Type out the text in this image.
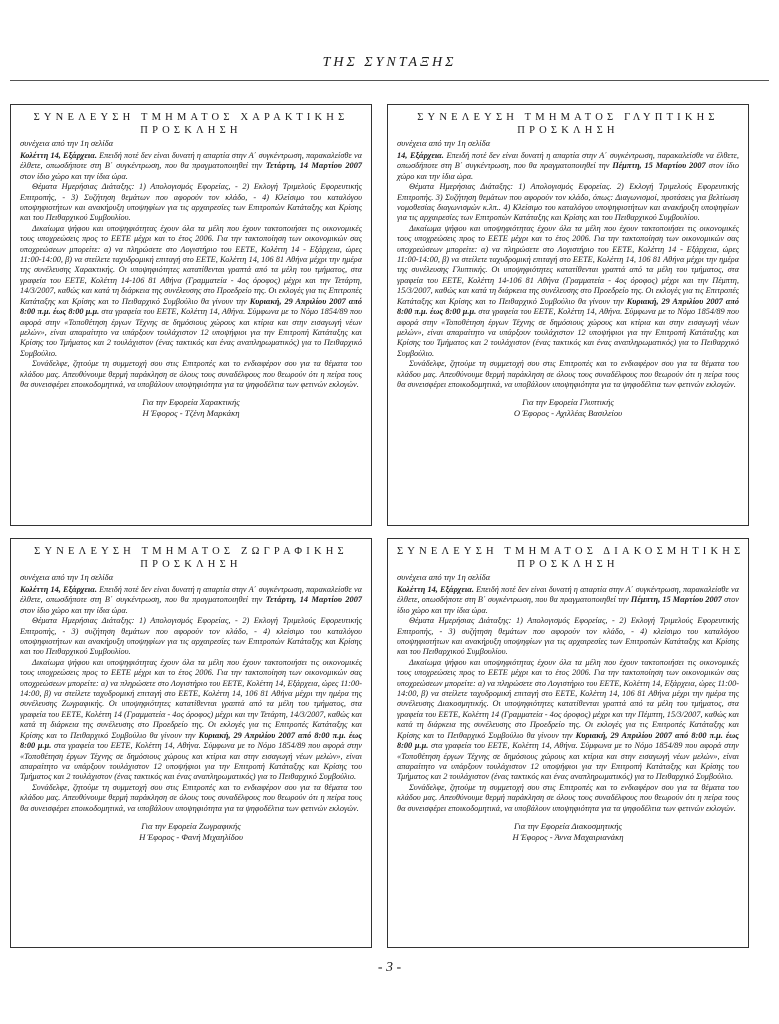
ΤΗΣ ΣΥΝΤΑΞΗΣ
ΣΥΝΕΛΕΥΣΗ ΤΜΗΜΑΤΟΣ ΧΑΡΑΚΤΙΚΗΣ
ΠΡΟΣΚΛΗΣΗ
συνέχεια από την 1η σελίδα

Κολέττη 14, Εξάρχεια. Επειδή ποτέ δεν είναι δυνατή η απαρτία στην Α΄ συγκέντρωση, παρακαλείσθε να έλθετε, οπωσδήποτε στη Β΄ συγκέντρωση, που θα πραγματοποιηθεί την Τετάρτη, 14 Μαρτίου 2007 στον ίδιο χώρο και την ίδια ώρα.

Θέματα Ημερήσιας Διάταξης: 1) Απολογισμός Εφορείας, - 2) Εκλογή Τριμελούς Εφορευτικής Επιτροπής, - 3) Συζήτηση θεμάτων που αφορούν τον κλάδο, - 4) Κλείσιμο του καταλόγου υποψηφιοτήτων και ανακήρυξη υποψηφίων για τις αρχαιρεσίες των Επιτροπών Κατάταξης και Κρίσης και του Πειθαρχικού Συμβουλίου.

Δικαίωμα ψήφου και υποψηφιότητας έχουν όλα τα μέλη που έχουν τακτοποιήσει τις οικονομικές τους υποχρεώσεις προς το ΕΕΤΕ μέχρι και το έτος 2006. Για την τακτοποίηση των οικονομικών σας υποχρεώσεων μπορείτε: α) να πληρώσετε στο Λογιστήριο του ΕΕΤΕ, Κολέττη 14 - Εξάρχεια, ώρες 11:00-14:00, β) να στείλετε ταχυδρομική επιταγή στο ΕΕΤΕ, Κολέττη 14, 106 81 Αθήνα μέχρι την ημέρα της συνέλευσης Χαρακτικής. Οι υποψηφιότητες κατατίθενται γραπτά από τα μέλη του τμήματος, στα γραφεία του ΕΕΤΕ, Κολέττη 14-106 81 Αθήνα (Γραμματεία - 4ος όροφος) μέχρι και την Τετάρτη, 14/3/2007, καθώς και κατά τη διάρκεια της συνέλευσης στο Προεδρείο της. Οι εκλογές για τις Επιτροπές Κατάταξης και Κρίσης και το Πειθαρχικό Συμβούλιο θα γίνουν την Κυριακή, 29 Απριλίου 2007 από 8:00 π.μ. έως 8:00 μ.μ. στα γραφεία του ΕΕΤΕ, Κολέττη 14, Αθήνα. Σύμφωνα με το Νόμο 1854/89 που αφορά στην «Τοποθέτηση έργων Τέχνης σε δημόσιους χώρους και κτίρια και στην εισαγωγή νέων μελών», είναι απαραίτητο να υπάρξουν τουλάχιστον 12 υποψήφιοι για την Επιτροπή Κατάταξης και Κρίσης του Τμήματος και 2 τουλάχιστον (ένας τακτικός και ένας αναπληρωματικός) για το Πειθαρχικό Συμβούλιο.

Συνάδελφε, ζητούμε τη συμμετοχή σου στις Επιτροπές και το ενδιαφέρον σου για τα θέματα του κλάδου μας. Απευθύνουμε θερμή παράκληση σε όλους τους συναδέλφους που θεωρούν ότι η πείρα τους θα συνεισφέρει εποικοδομητικά, να υποβάλουν υποψηφιότητα για τα ψηφοδέλτια των φετινών εκλογών.

Για την Εφορεία Χαρακτικής
Η Έφορος - Τζένη Μαρκάκη
ΣΥΝΕΛΕΥΣΗ ΤΜΗΜΑΤΟΣ ΓΛΥΠΤΙΚΗΣ
ΠΡΟΣΚΛΗΣΗ
συνέχεια από την 1η σελίδα

14, Εξάρχεια. Επειδή ποτέ δεν είναι δυνατή η απαρτία στην Α΄ συγκέντρωση, παρακαλείσθε να έλθετε, οπωσδήποτε στη Β΄ συγκέντρωση, που θα πραγματοποιηθεί την Πέμπτη, 15 Μαρτίου 2007 στον ίδιο χώρο και την ίδια ώρα.

Θέματα Ημερήσιας Διάταξης: 1) Απολογισμός Εφορείας. 2) Εκλογή Τριμελούς Εφορευτικής Επιτροπής. 3) Συζήτηση θεμάτων που αφορούν τον κλάδο, όπως: Διαγωνισμοί, προτάσεις για βελτίωση νομοθεσίας διαγωνισμών κ.λπ.. 4) Κλείσιμο του καταλόγου υποψηφιοτήτων και ανακήρυξη υποψηφίων για τις αρχαιρεσίες των Επιτροπών Κατάταξης και Κρίσης και του Πειθαρχικού Συμβουλίου.

Δικαίωμα ψήφου και υποψηφιότητας έχουν όλα τα μέλη που έχουν τακτοποιήσει τις οικονομικές τους υποχρεώσεις προς το ΕΕΤΕ μέχρι και το έτος 2006. Για την τακτοποίηση των οικονομικών σας υποχρεώσεων μπορείτε: α) να πληρώσετε στο Λογιστήριο του ΕΕΤΕ, Κολέττη 14 - Εξάρχεια, ώρες 11:00-14:00, β) να στείλετε ταχυδρομική επιταγή στο ΕΕΤΕ, Κολέττη 14, 106 81 Αθήνα μέχρι την ημέρα της συνέλευσης Γλυπτικής. Οι υποψηφιότητες κατατίθενται γραπτά από τα μέλη του τμήματος, στα γραφεία του ΕΕΤΕ, Κολέττη 14-106 81 Αθήνα (Γραμματεία - 4ος όροφος) μέχρι και την Πέμπτη, 15/3/2007, καθώς και κατά τη διάρκεια της συνέλευσης στο Προεδρείο της. Οι εκλογές για τις Επιτροπές Κατάταξης και Κρίσης και το Πειθαρχικό Συμβούλιο θα γίνουν την Κυριακή, 29 Απριλίου 2007 από 8:00 π.μ. έως 8:00 μ.μ. στα γραφεία του ΕΕΤΕ, Κολέττη 14, Αθήνα. Σύμφωνα με το Νόμο 1854/89 που αφορά στην «Τοποθέτηση έργων Τέχνης σε δημόσιους χώρους και κτίρια και στην εισαγωγή νέων μελών», είναι απαραίτητο να υπάρξουν τουλάχιστον 12 υποψήφιοι για την Επιτροπή Κατάταξης και Κρίσης του Τμήματος και 2 τουλάχιστον (ένας τακτικός και ένας αναπληρωματικός) για το Πειθαρχικό Συμβούλιο.

Συνάδελφε, ζητούμε τη συμμετοχή σου στις Επιτροπές και το ενδιαφέρον σου για τα θέματα του κλάδου μας. Απευθύνουμε θερμή παράκληση σε όλους τους συναδέλφους που θεωρούν ότι η πείρα τους θα συνεισφέρει εποικοδομητικά, να υποβάλουν υποψηφιότητα για τα ψηφοδέλτια των φετινών εκλογών.

Για την Εφορεία Γλυπτικής
Ο Έφορος - Αχιλλέας Βασιλείου
ΣΥΝΕΛΕΥΣΗ ΤΜΗΜΑΤΟΣ ΖΩΓΡΑΦΙΚΗΣ
ΠΡΟΣΚΛΗΣΗ
συνέχεια από την 1η σελίδα

Κολέττη 14, Εξάρχεια. Επειδή ποτέ δεν είναι δυνατή η απαρτία στην Α΄ συγκέντρωση, παρακαλείσθε να έλθετε, οπωσδήποτε στη Β΄ συγκέντρωση, που θα πραγματοποιηθεί την Τετάρτη, 14 Μαρτίου 2007 στον ίδιο χώρο και την ίδια ώρα.

Θέματα Ημερήσιας Διάταξης: 1) Απολογισμός Εφορείας, - 2) Εκλογή Τριμελούς Εφορευτικής Επιτροπής, - 3) συζήτηση θεμάτων που αφορούν τον κλάδο, - 4) κλείσιμο του καταλόγου υποψηφιοτήτων και ανακήρυξη υποψηφίων για τις αρχαιρεσίες των Επιτροπών Κατάταξης και Κρίσης και του Πειθαρχικού Συμβουλίου.

Δικαίωμα ψήφου και υποψηφιότητας έχουν όλα τα μέλη που έχουν τακτοποιήσει τις οικονομικές τους υποχρεώσεις προς το ΕΕΤΕ μέχρι και το έτος 2006. Για την τακτοποίηση των οικονομικών σας υποχρεώσεων μπορείτε: α) να πληρώσετε στο Λογιστήριο του ΕΕΤΕ, Κολέττη 14, Εξάρχεια, ώρες 11:00-14:00, β) να στείλετε ταχυδρομική επιταγή στο ΕΕΤΕ, Κολέττη 14, 106 81 Αθήνα μέχρι την ημέρα της συνέλευσης Ζωγραφικής. Οι υποψηφιότητες κατατίθενται γραπτά από τα μέλη του τμήματος, στα γραφεία του ΕΕΤΕ, Κολέττη 14 (Γραμματεία - 4ος όροφος) μέχρι και την Τετάρτη, 14/3/2007, καθώς και κατά τη διάρκεια της συνέλευσης στο Προεδρείο της. Οι εκλογές για τις Επιτροπές Κατάταξης και Κρίσης και το Πειθαρχικό Συμβούλιο θα γίνουν την Κυριακή, 29 Απριλίου 2007 από 8:00 π.μ. έως 8:00 μ.μ. στα γραφεία του ΕΕΤΕ, Κολέττη 14, Αθήνα. Σύμφωνα με το Νόμο 1854/89 που αφορά στην «Τοποθέτηση έργων Τέχνης σε δημόσιους χώρους και κτίρια και στην εισαγωγή νέων μελών», είναι απαραίτητο να υπάρξουν τουλάχιστον 12 υποψήφιοι για την Επιτροπή Κατάταξης και Κρίσης του Τμήματος και 2 τουλάχιστον (ένας τακτικός και ένας αναπληρωματικός) για το Πειθαρχικό Συμβούλιο.

Συνάδελφε, ζητούμε τη συμμετοχή σου στις Επιτροπές και το ενδιαφέρον σου για τα θέματα του κλάδου μας. Απευθύνουμε θερμή παράκληση σε όλους τους συναδέλφους που θεωρούν ότι η πείρα τους θα συνεισφέρει εποικοδομητικά, να υποβάλουν υποψηφιότητα για τα ψηφοδέλτια των φετινών εκλογών.

Για την Εφορεία Ζωγραφικής
Η Έφορος - Φανή Μιχαηλίδου
ΣΥΝΕΛΕΥΣΗ ΤΜΗΜΑΤΟΣ ΔΙΑΚΟΣΜΗΤΙΚΗΣ
ΠΡΟΣΚΛΗΣΗ
συνέχεια από την 1η σελίδα

Κολέττη 14, Εξάρχεια. Επειδή ποτέ δεν είναι δυνατή η απαρτία στην Α΄ συγκέντρωση, παρακαλείσθε να έλθετε, οπωσδήποτε στη Β΄ συγκέντρωση, που θα πραγματοποιηθεί την Πέμπτη, 15 Μαρτίου 2007 στον ίδιο χώρο και την ίδια ώρα.

Θέματα Ημερήσιας Διάταξης: 1) Απολογισμός Εφορείας, - 2) Εκλογή Τριμελούς Εφορευτικής Επιτροπής, - 3) συζήτηση θεμάτων που αφορούν τον κλάδο, - 4) κλείσιμο του καταλόγου υποψηφιοτήτων και ανακήρυξη υποψηφίων για τις αρχαιρεσίες των Επιτροπών Κατάταξης και Κρίσης και του Πειθαρχικού Συμβουλίου.

Δικαίωμα ψήφου και υποψηφιότητας έχουν όλα τα μέλη που έχουν τακτοποιήσει τις οικονομικές τους υποχρεώσεις προς το ΕΕΤΕ μέχρι και το έτος 2006. Για την τακτοποίηση των οικονομικών σας υποχρεώσεων μπορείτε: α) να πληρώσετε στο Λογιστήριο του ΕΕΤΕ, Κολέττη 14, Εξάρχεια, ώρες 11:00-14:00, β) να στείλετε ταχυδρομική επιταγή στο ΕΕΤΕ, Κολέττη 14, 106 81 Αθήνα μέχρι την ημέρα της συνέλευσης Διακοσμητικής. Οι υποψηφιότητες κατατίθενται γραπτά από τα μέλη του τμήματος, στα γραφεία του ΕΕΤΕ, Κολέττη 14 (Γραμματεία - 4ος όροφος) μέχρι και την Πέμπτη, 15/3/2007, καθώς και κατά τη διάρκεια της συνέλευσης στο Προεδρείο της. Οι εκλογές για τις Επιτροπές Κατάταξης και Κρίσης και το Πειθαρχικό Συμβούλιο θα γίνουν την Κυριακή, 29 Απριλίου 2007 από 8:00 π.μ. έως 8:00 μ.μ. στα γραφεία του ΕΕΤΕ, Κολέττη 14, Αθήνα. Σύμφωνα με το Νόμο 1854/89 που αφορά στην «Τοποθέτηση έργων Τέχνης σε δημόσιους χώρους και κτίρια και στην εισαγωγή νέων μελών», είναι απαραίτητο να υπάρξουν τουλάχιστον 12 υποψήφιοι για την Επιτροπή Κατάταξης και Κρίσης του Τμήματος και 2 τουλάχιστον (ένας τακτικός και ένας αναπληρωματικός) για το Πειθαρχικό Συμβούλιο.

Συνάδελφε, ζητούμε τη συμμετοχή σου στις Επιτροπές και το ενδιαφέρον σου για τα θέματα του κλάδου μας. Απευθύνουμε θερμή παράκληση σε όλους τους συναδέλφους που θεωρούν ότι η πείρα τους θα συνεισφέρει εποικοδομητικά, να υποβάλουν υποψηφιότητα για τα ψηφοδέλτια των φετινών εκλογών.

Για την Εφορεία Διακοσμητικής
Η Έφορος - Άννα Μαχαιριανάκη
- 3 -
